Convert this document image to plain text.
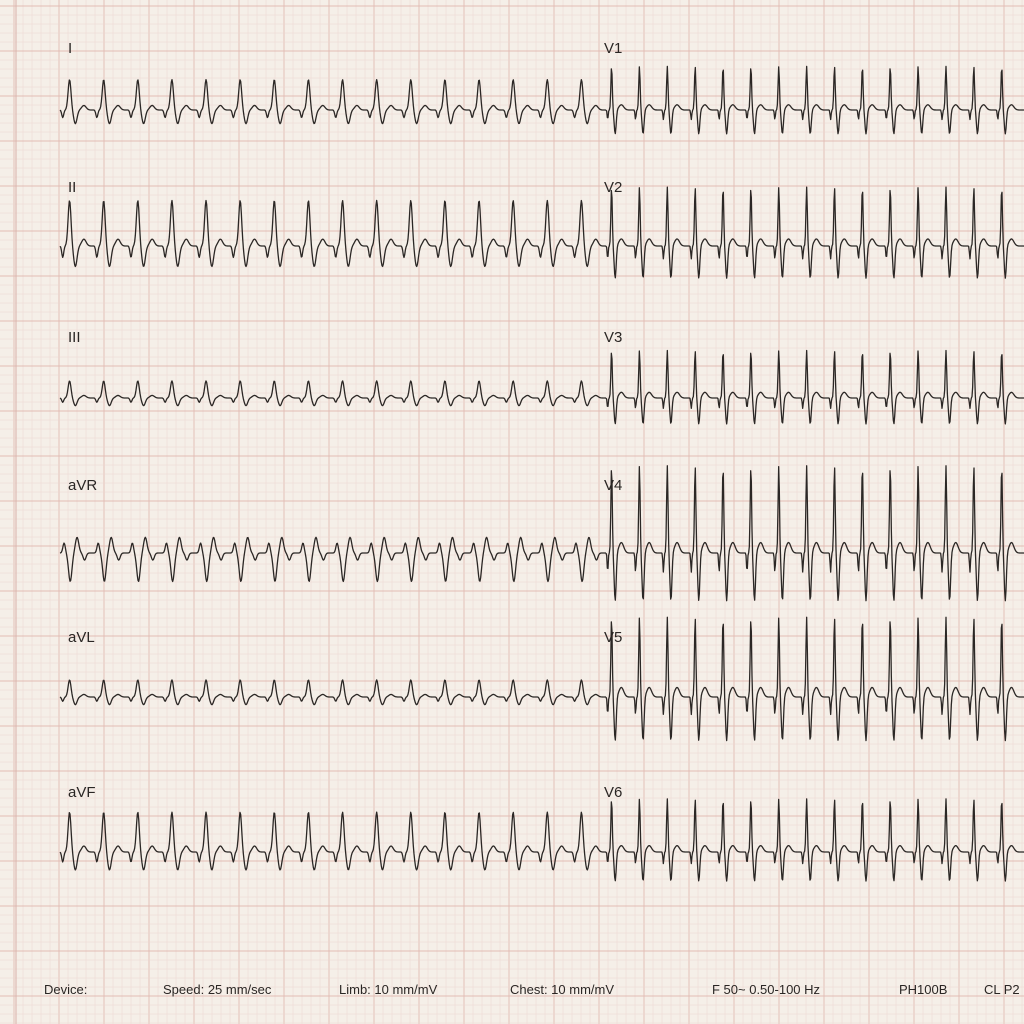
I
II
III
aVR
aVL
aVF
V1
V2
V3
V4
V5
V6
Device:	Speed: 25 mm/sec	Limb: 10 mm/mV	Chest: 10 mm/mV	F 50~ 0.50-100 Hz	PH100B	CL P2
